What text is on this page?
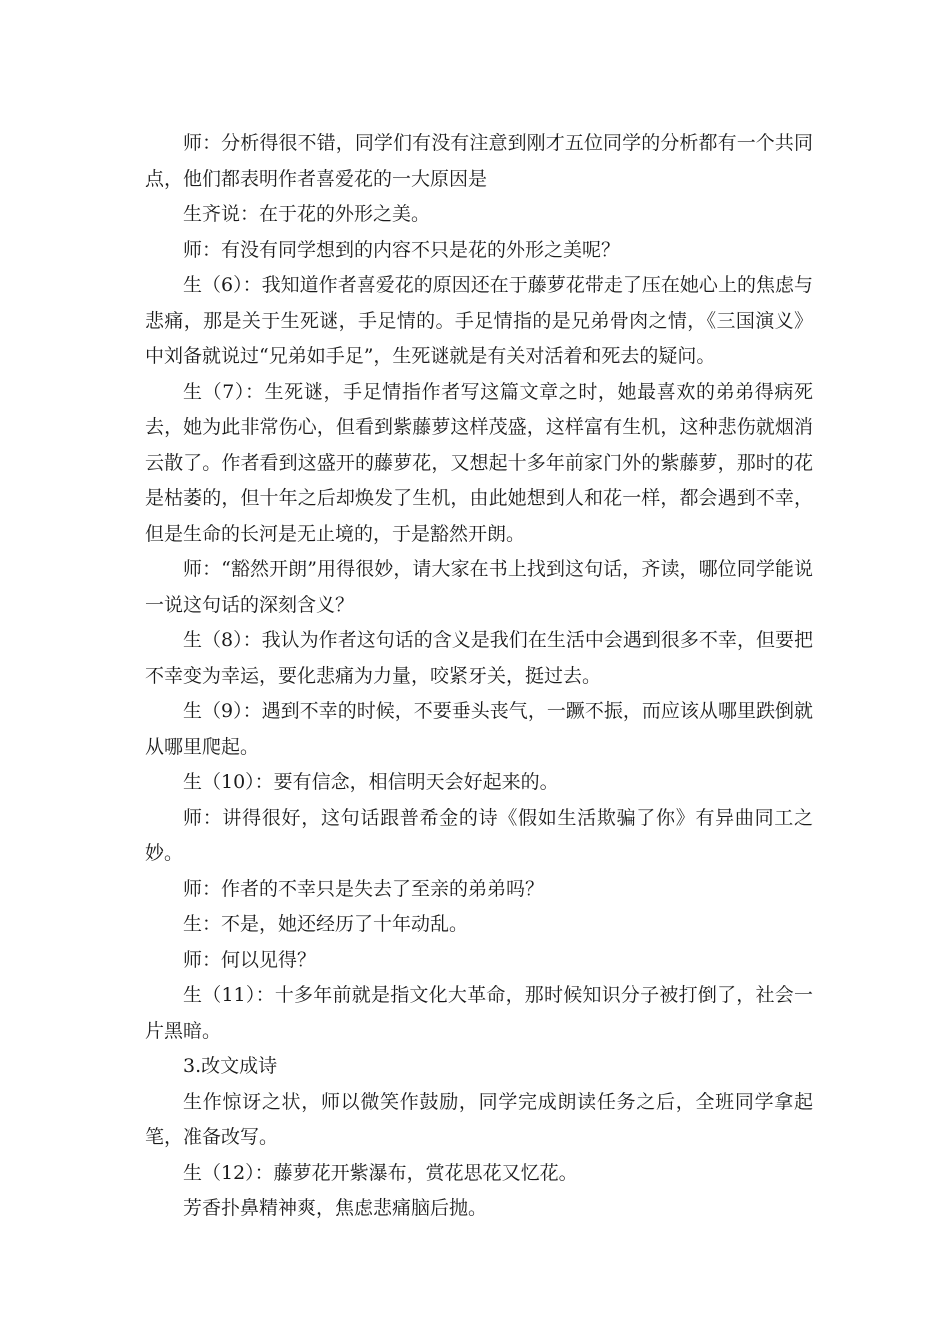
师：分析得很不错，同学们有没有注意到刚才五位同学的分析都有一个共同点，他们都表明作者喜爱花的一大原因是

生齐说：在于花的外形之美。

师：有没有同学想到的内容不只是花的外形之美呢？

生（6）：我知道作者喜爱花的原因还在于藤萝花带走了压在她心上的焦虑与悲痛，那是关于生死谜，手足情的。手足情指的是兄弟骨肉之情，《三国演义》中刘备就说过“兄弟如手足”，生死谜就是有关对活着和死去的疑问。

生（7）：生死谜，手足情指作者写这篇文章之时，她最喜欢的弟弟得病死去，她为此非常伤心，但看到紫藤萝这样茂盛，这样富有生机，这种悲伤就烟消云散了。作者看到这盛开的藤萝花，又想起十多年前家门外的紫藤萝，那时的花是枯萎的，但十年之后却焕发了生机，由此她想到人和花一样，都会遇到不幸，但是生命的长河是无止境的，于是豁然开朗。

师：“豁然开朗”用得很妙，请大家在书上找到这句话，齐读，哪位同学能说一说这句话的深刻含义？

生（8）：我认为作者这句话的含义是我们在生活中会遇到很多不幸，但要把不幸变为幸运，要化悲痛为力量，咬紧牙关，挺过去。

生（9）：遇到不幸的时候，不要垂头丧气，一蹶不振，而应该从哪里跌倒就从哪里爬起。

生（10）：要有信念，相信明天会好起来的。

师：讲得很好，这句话跟普希金的诗《假如生活欺骗了你》有异曲同工之妙。

师：作者的不幸只是失去了至亲的弟弟吗？

生：不是，她还经历了十年动乱。

师：何以见得？

生（11）：十多年前就是指文化大革命，那时候知识分子被打倒了，社会一片黑暗。

3.改文成诗

生作惊讶之状，师以微笑作鼓励，同学完成朗读任务之后，全班同学拿起笔，准备改写。

生（12）：藤萝花开紫瀑布，赏花思花又忆花。

芳香扑鼻精神爽，焦虑悲痛脑后抛。
